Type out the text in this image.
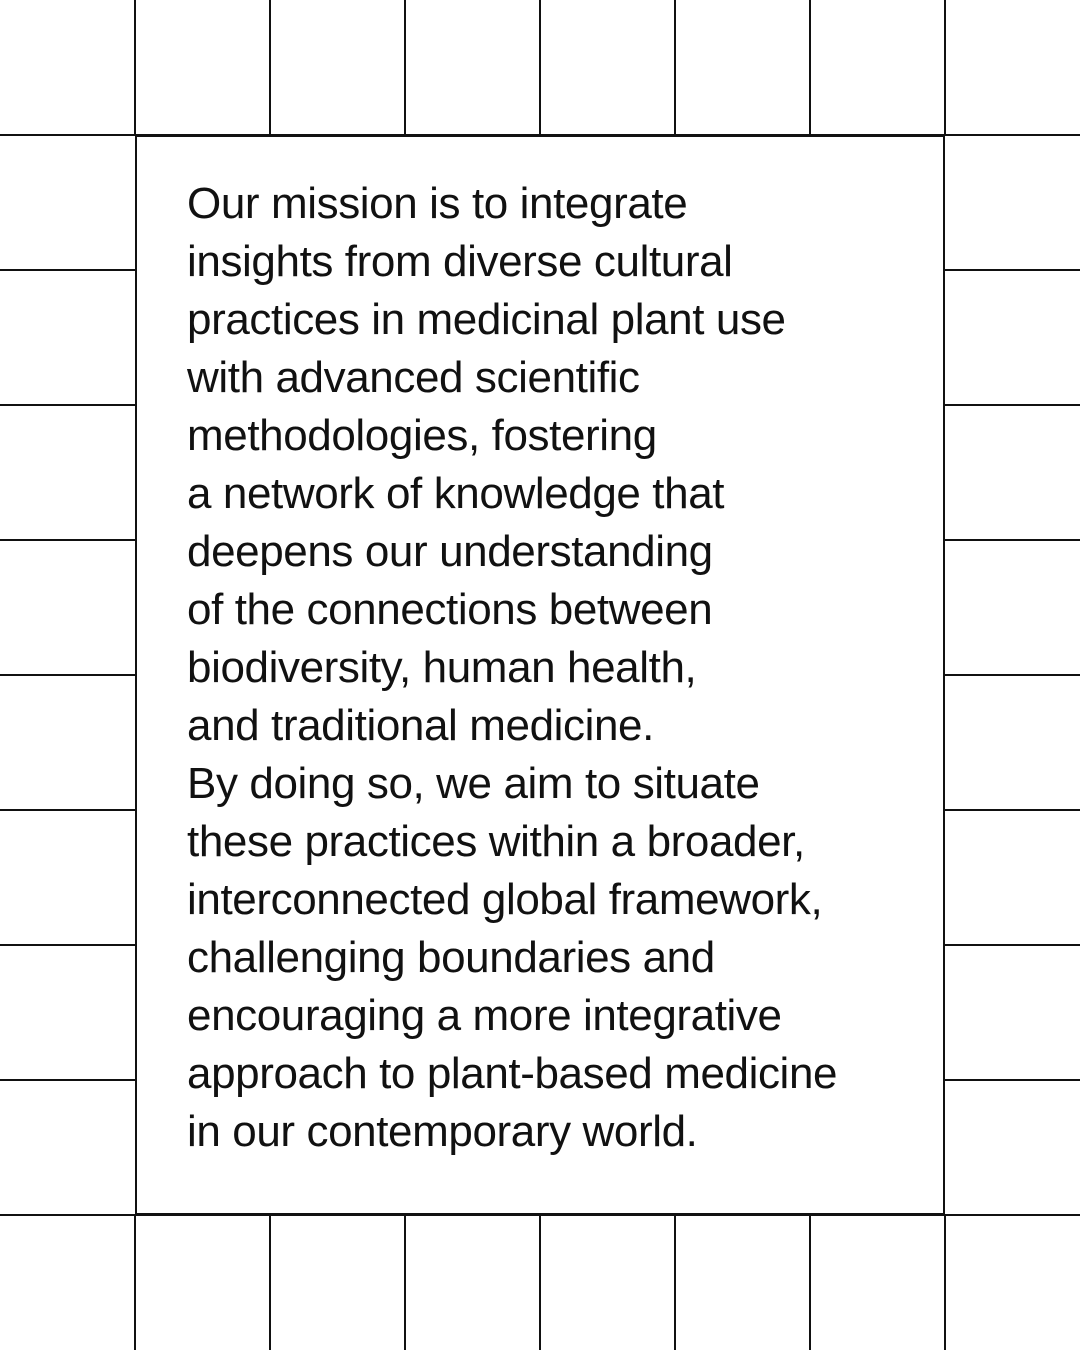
Our mission is to integrate
insights from diverse cultural
practices in medicinal plant use
with advanced scientific
methodologies, fostering
a network of knowledge that
deepens our understanding
of the connections between
biodiversity, human health,
and traditional medicine.
By doing so, we aim to situate
these practices within a broader,
interconnected global framework,
challenging boundaries and
encouraging a more integrative
approach to plant-based medicine
in our contemporary world.
